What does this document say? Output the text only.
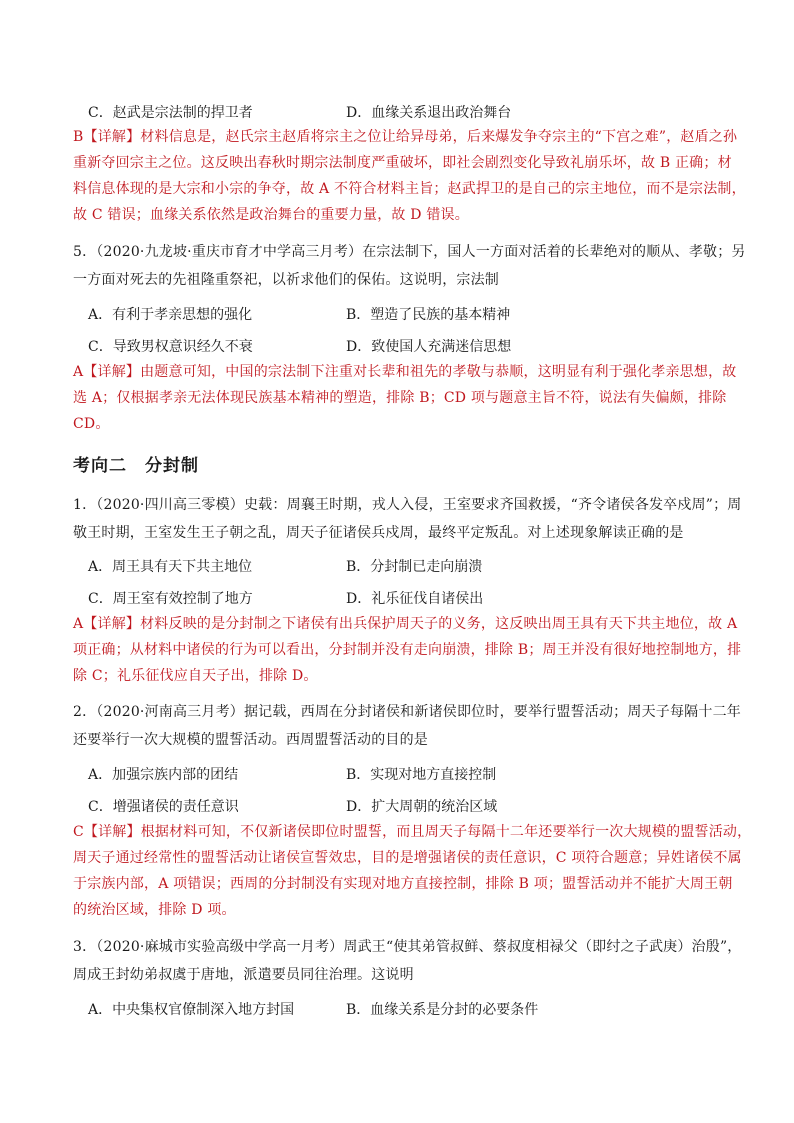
C．赵武是宗法制的捍卫者	D．血缘关系退出政治舞台
B【详解】材料信息是，赵氏宗主赵盾将宗主之位让给异母弟，后来爆发争夺宗主的“下宫之难”，赵盾之孙
重新夺回宗主之位。这反映出春秋时期宗法制度严重破坏，即社会剧烈变化导致礼崩乐坏，故 B 正确；材
料信息体现的是大宗和小宗的争夺，故 A 不符合材料主旨；赵武捍卫的是自己的宗主地位，而不是宗法制，
故 C 错误；血缘关系依然是政治舞台的重要力量，故 D 错误。
5．（2020·九龙坡·重庆市育才中学高三月考）在宗法制下，国人一方面对活着的长辈绝对的顺从、孝敬；另
一方面对死去的先祖隆重祭祀，以祈求他们的保佑。这说明，宗法制
A．有利于孝亲思想的强化	B．塑造了民族的基本精神
C．导致男权意识经久不衰	D．致使国人充满迷信思想
A【详解】由题意可知，中国的宗法制下注重对长辈和祖先的孝敬与恭顺，这明显有利于强化孝亲思想，故
选 A；仅根据孝亲无法体现民族基本精神的塑造，排除 B；CD 项与题意主旨不符，说法有失偏颇，排除
CD。
考向二　分封制
1．（2020·四川高三零模）史载：周襄王时期，戎人入侵，王室要求齐国救援，“齐令诸侯各发卒戍周”；周
敬王时期，王室发生王子朝之乱，周天子征诸侯兵戍周，最终平定叛乱。对上述现象解读正确的是
A．周王具有天下共主地位	B．分封制已走向崩溃
C．周王室有效控制了地方	D．礼乐征伐自诸侯出
A【详解】材料反映的是分封制之下诸侯有出兵保护周天子的义务，这反映出周王具有天下共主地位，故 A
项正确；从材料中诸侯的行为可以看出，分封制并没有走向崩溃，排除 B；周王并没有很好地控制地方，排
除 C；礼乐征伐应自天子出，排除 D。
2．（2020·河南高三月考）据记载，西周在分封诸侯和新诸侯即位时，要举行盟誓活动；周天子每隔十二年
还要举行一次大规模的盟誓活动。西周盟誓活动的目的是
A．加强宗族内部的团结	B．实现对地方直接控制
C．增强诸侯的责任意识	D．扩大周朝的统治区域
C【详解】根据材料可知，不仅新诸侯即位时盟誓，而且周天子每隔十二年还要举行一次大规模的盟誓活动，
周天子通过经常性的盟誓活动让诸侯宣誓效忠，目的是增强诸侯的责任意识，C 项符合题意；异姓诸侯不属
于宗族内部，A 项错误；西周的分封制没有实现对地方直接控制，排除 B 项；盟誓活动并不能扩大周王朝
的统治区域，排除 D 项。
3．（2020·麻城市实验高级中学高一月考）周武王“使其弟管叔鲜、蔡叔度相禄父（即纣之子武庚）治殷”，
周成王封幼弟叔虞于唐地，派遣要员同往治理。这说明
A．中央集权官僚制深入地方封国	B．血缘关系是分封的必要条件
